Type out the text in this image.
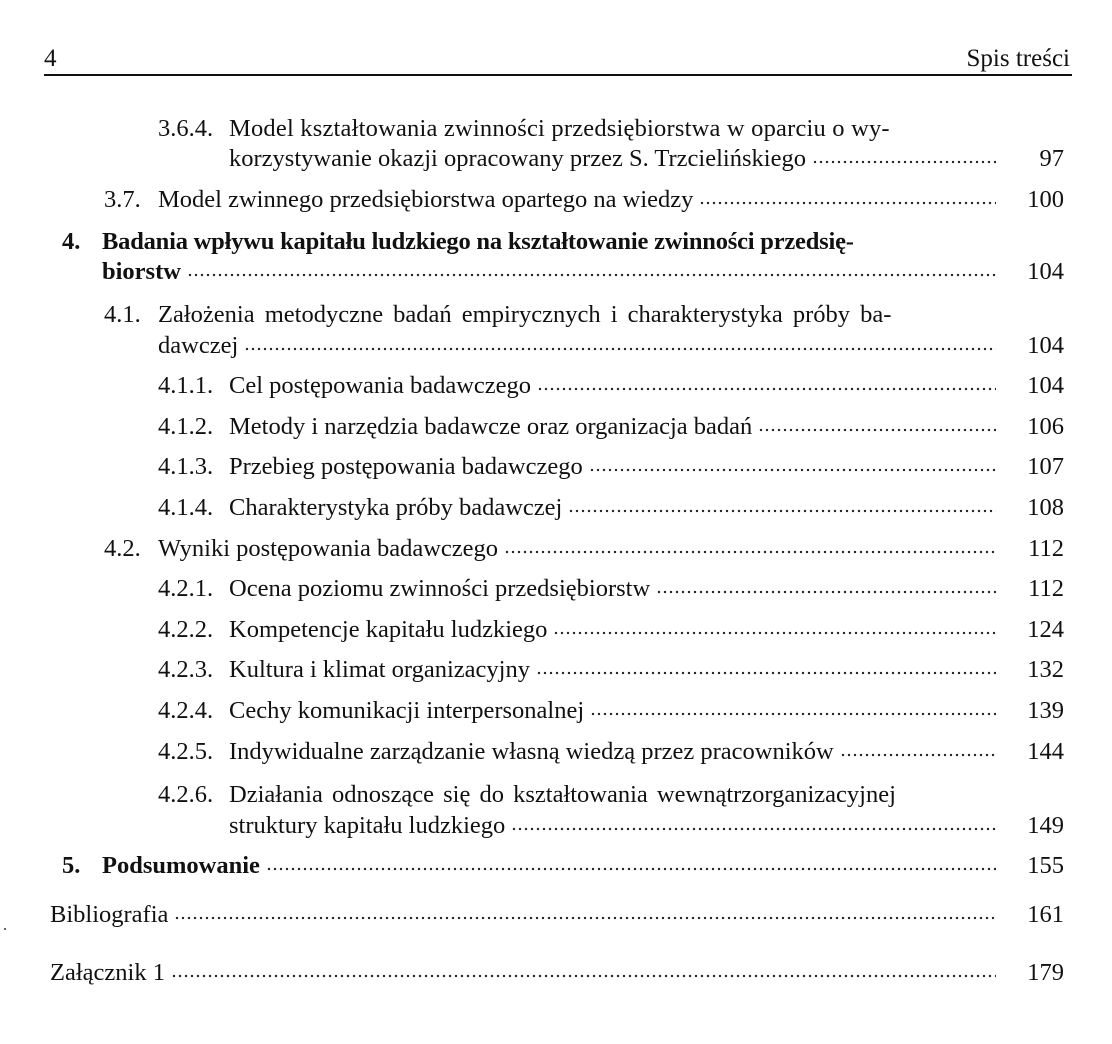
4	Spis treści
3.6.4. Model kształtowania zwinności przedsiębiorstwa w oparciu o wy-
korzystywanie okazji opracowany przez S. Trzcielińskiego	97
3.7. Model zwinnego przedsiębiorstwa opartego na wiedzy	100
4. Badania wpływu kapitału ludzkiego na kształtowanie zwinności przedsię-
biorstw	104
4.1. Założenia metodyczne badań empirycznych i charakterystyka próby ba-
dawczej	104
4.1.1. Cel postępowania badawczego	104
4.1.2. Metody i narzędzia badawcze oraz organizacja badań	106
4.1.3. Przebieg postępowania badawczego	107
4.1.4. Charakterystyka próby badawczej	108
4.2. Wyniki postępowania badawczego	112
4.2.1. Ocena poziomu zwinności przedsiębiorstw	112
4.2.2. Kompetencje kapitału ludzkiego	124
4.2.3. Kultura i klimat organizacyjny	132
4.2.4. Cechy komunikacji interpersonalnej	139
4.2.5. Indywidualne zarządzanie własną wiedzą przez pracowników	144
4.2.6. Działania odnoszące się do kształtowania wewnątrzorganizacyjnej
struktury kapitału ludzkiego	149
5. Podsumowanie	155
Bibliografia	161
Załącznik 1	179
